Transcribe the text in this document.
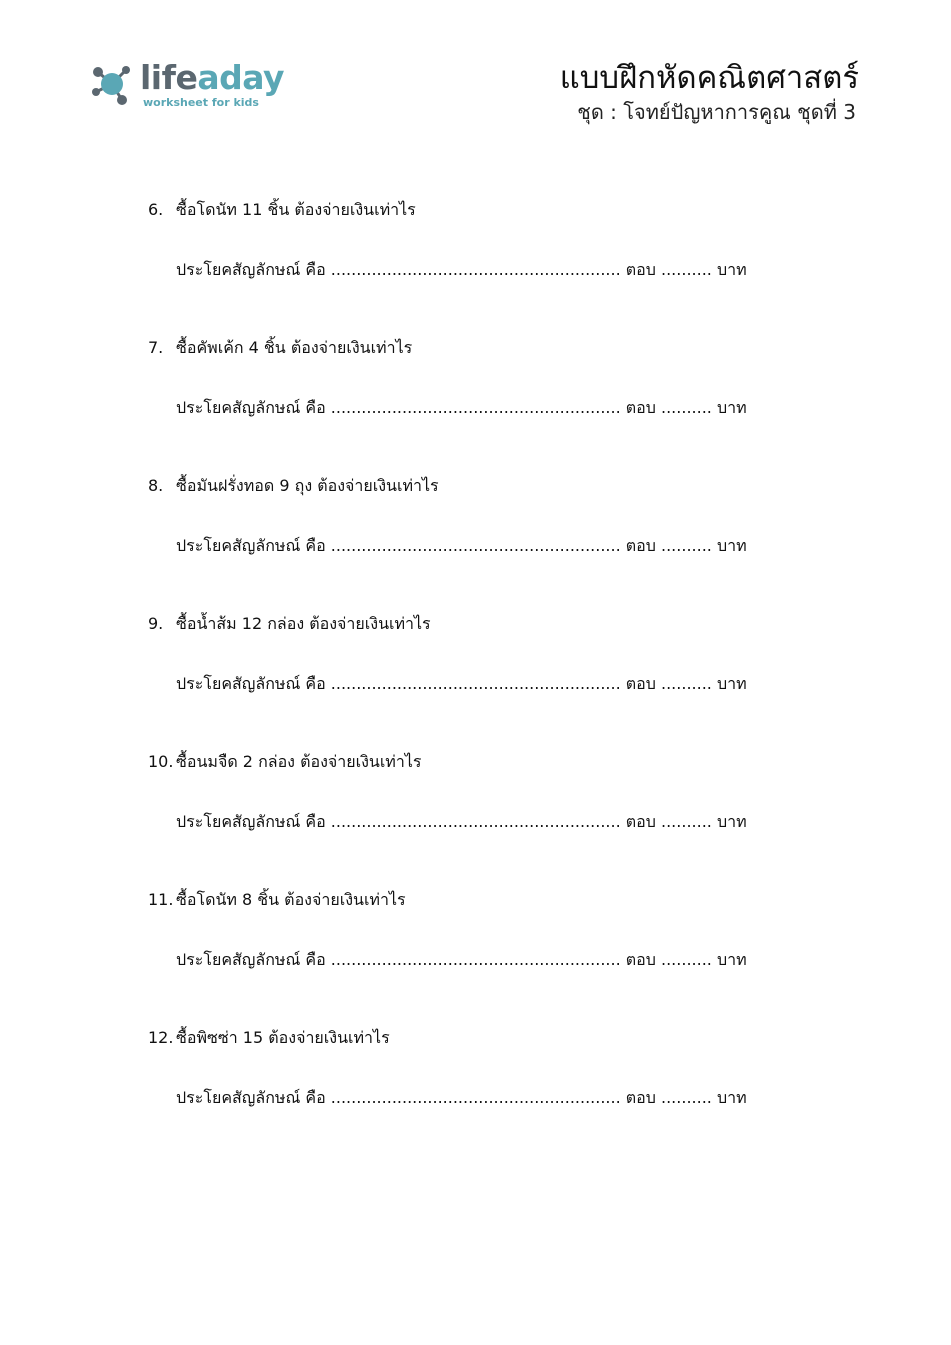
lifeaday
worksheet for kids
แบบฝึกหัดคณิตศาสตร์
ชุด : โจทย์ปัญหาการคูณ ชุดที่ 3
6. ซื้อโดนัท 11 ชิ้น ต้องจ่ายเงินเท่าไร
ประโยคสัญลักษณ์ คือ ......................................................... ตอบ .......... บาท
7. ซื้อคัพเค้ก 4 ชิ้น ต้องจ่ายเงินเท่าไร
ประโยคสัญลักษณ์ คือ ......................................................... ตอบ .......... บาท
8. ซื้อมันฝรั่งทอด 9 ถุง ต้องจ่ายเงินเท่าไร
ประโยคสัญลักษณ์ คือ ......................................................... ตอบ .......... บาท
9. ซื้อน้ำส้ม 12 กล่อง ต้องจ่ายเงินเท่าไร
ประโยคสัญลักษณ์ คือ ......................................................... ตอบ .......... บาท
10. ซื้อนมจืด 2 กล่อง ต้องจ่ายเงินเท่าไร
ประโยคสัญลักษณ์ คือ ......................................................... ตอบ .......... บาท
11. ซื้อโดนัท 8 ชิ้น ต้องจ่ายเงินเท่าไร
ประโยคสัญลักษณ์ คือ ......................................................... ตอบ .......... บาท
12. ซื้อพิซซ่า 15 ต้องจ่ายเงินเท่าไร
ประโยคสัญลักษณ์ คือ ......................................................... ตอบ .......... บาท
